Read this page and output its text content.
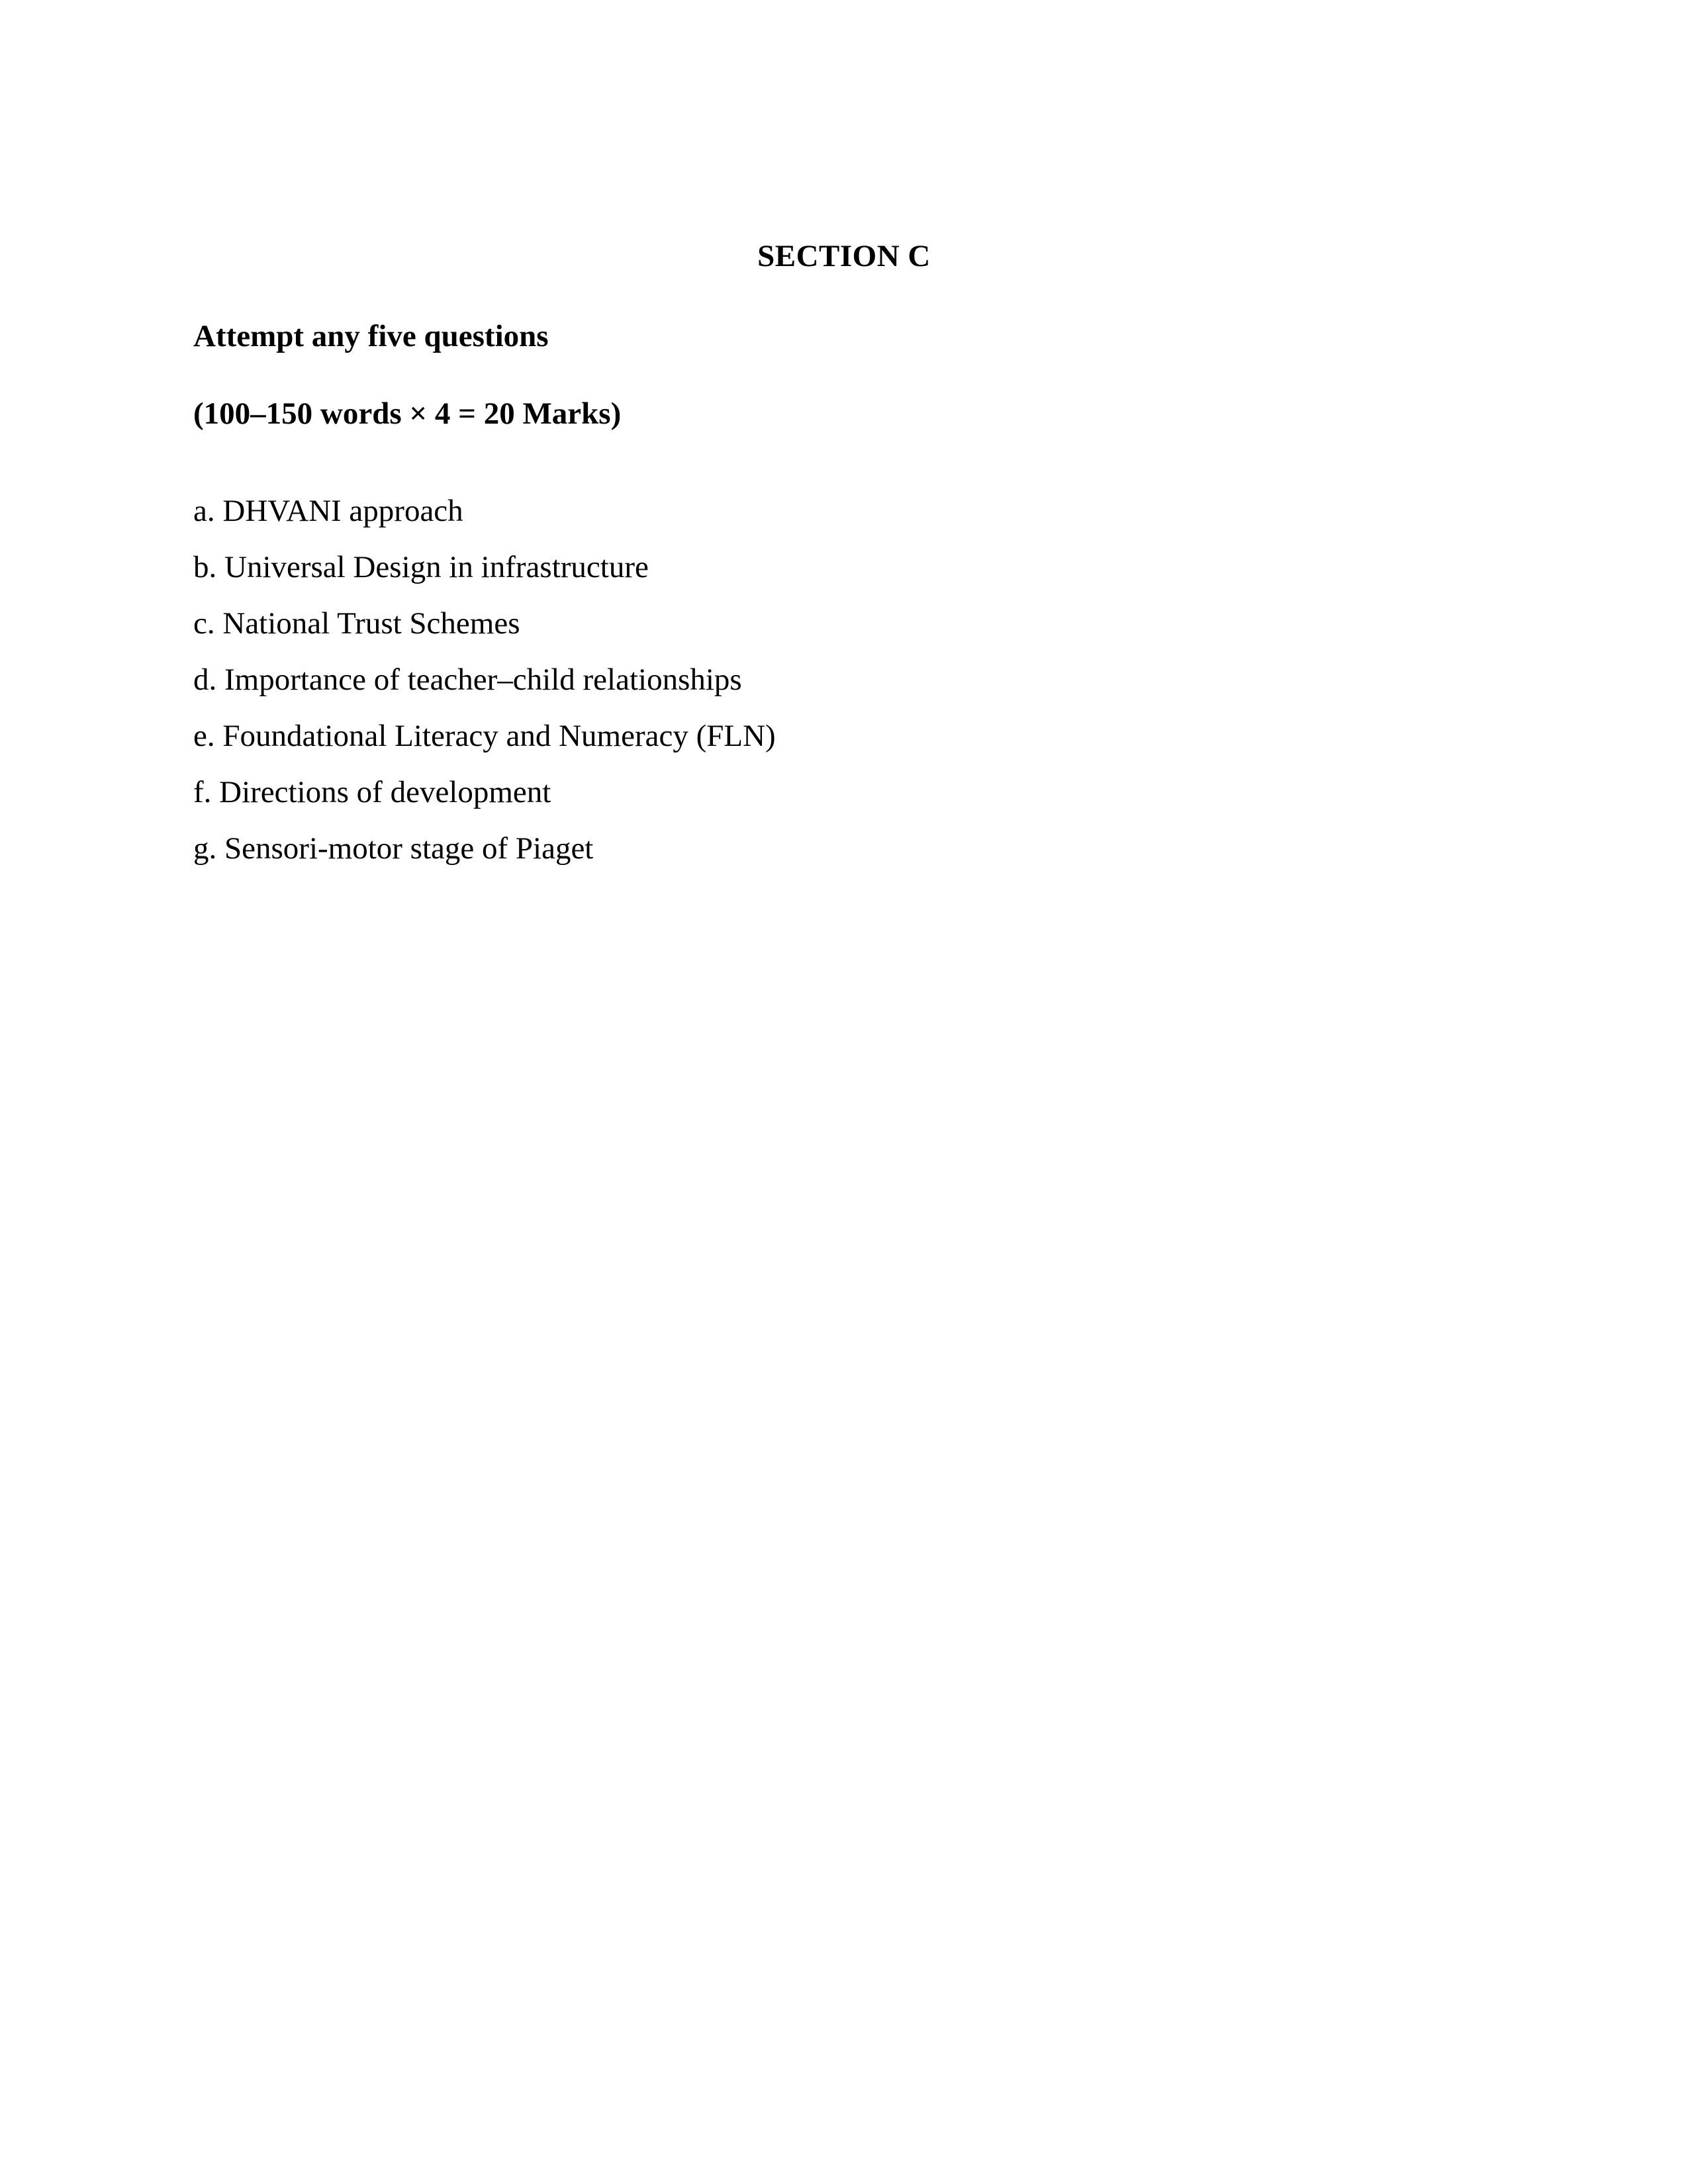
SECTION C
Attempt any five questions
(100–150 words × 4 = 20 Marks)
a. DHVANI approach
b. Universal Design in infrastructure
c. National Trust Schemes
d. Importance of teacher–child relationships
e. Foundational Literacy and Numeracy (FLN)
f. Directions of development
g. Sensori-motor stage of Piaget
